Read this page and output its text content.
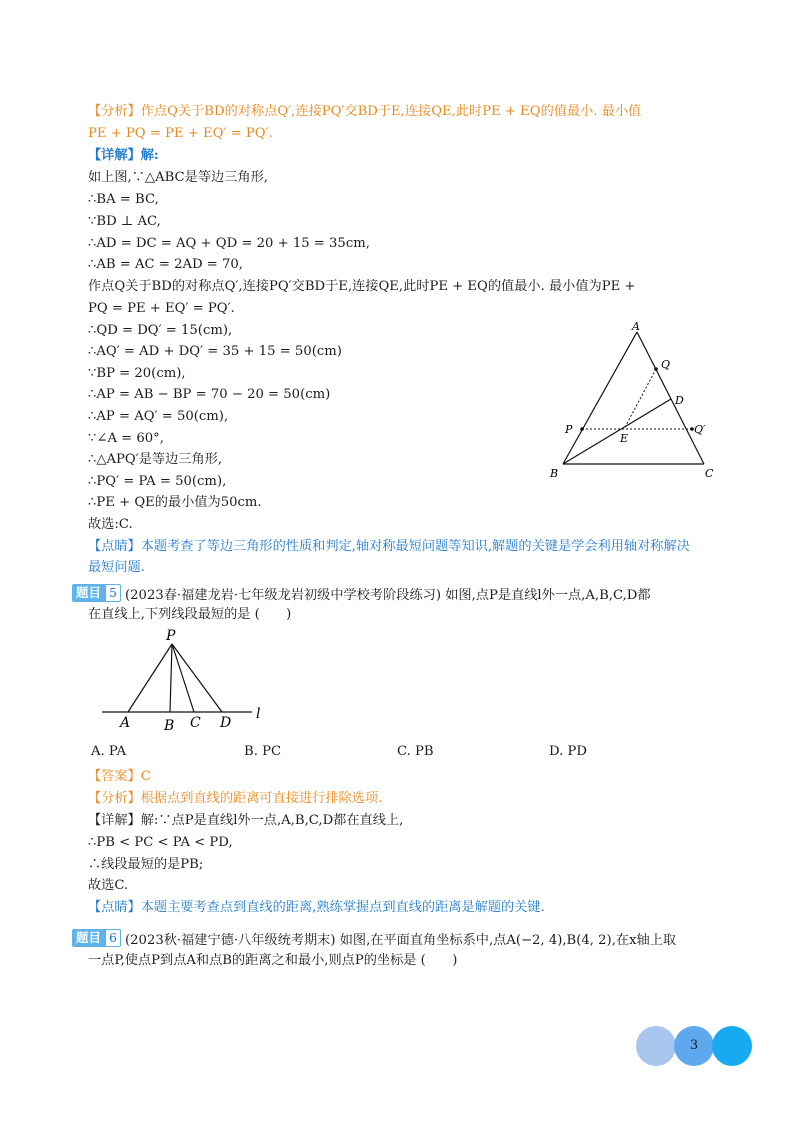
【分析】作点Q关于BD的对称点Q′,连接PQ′交BD于E,连接QE,此时PE + EQ的值最小. 最小值
PE + PQ = PE + EQ′ = PQ′.
【详解】解:
如上图,∵△ABC是等边三角形,
∴BA = BC,
∵BD ⊥ AC,
∴AD = DC = AQ + QD = 20 + 15 = 35cm,
∴AB = AC = 2AD = 70,
作点Q关于BD的对称点Q′,连接PQ′交BD于E,连接QE,此时PE + EQ的值最小. 最小值为PE +
PQ = PE + EQ′ = PQ′.
∴QD = DQ′ = 15(cm),
∴AQ′ = AD + DQ′ = 35 + 15 = 50(cm)
∵BP = 20(cm),
∴AP = AB − BP = 70 − 20 = 50(cm)
∴AP = AQ′ = 50(cm),
∵∠A = 60°,
∴△APQ′是等边三角形,
∴PQ′ = PA = 50(cm),
∴PE + QE的最小值为50cm.
故选:C.
A
Q
D
P
E
Q′
B	C
【点睛】本题考查了等边三角形的性质和判定,轴对称最短问题等知识,解题的关键是学会利用轴对称解决
最短问题.
题目 5 (2023春·福建龙岩·七年级龙岩初级中学校考阶段练习) 如图,点P是直线l外一点,A,B,C,D都
在直线上,下列线段最短的是 (　　)
P
A B C D
l
A. PA	B. PC	C. PB	D. PD
【答案】C
【分析】根据点到直线的距离可直接进行排除选项.
【详解】解:∵点P是直线l外一点,A,B,C,D都在直线上,
∴PB < PC < PA < PD,
∴线段最短的是PB;
故选C.
【点睛】本题主要考查点到直线的距离,熟练掌握点到直线的距离是解题的关键.
题目 6 (2023秋·福建宁德·八年级统考期末) 如图,在平面直角坐标系中,点A(−2, 4),B(4, 2),在x轴上取
一点P,使点P到点A和点B的距离之和最小,则点P的坐标是 (　　)
3
